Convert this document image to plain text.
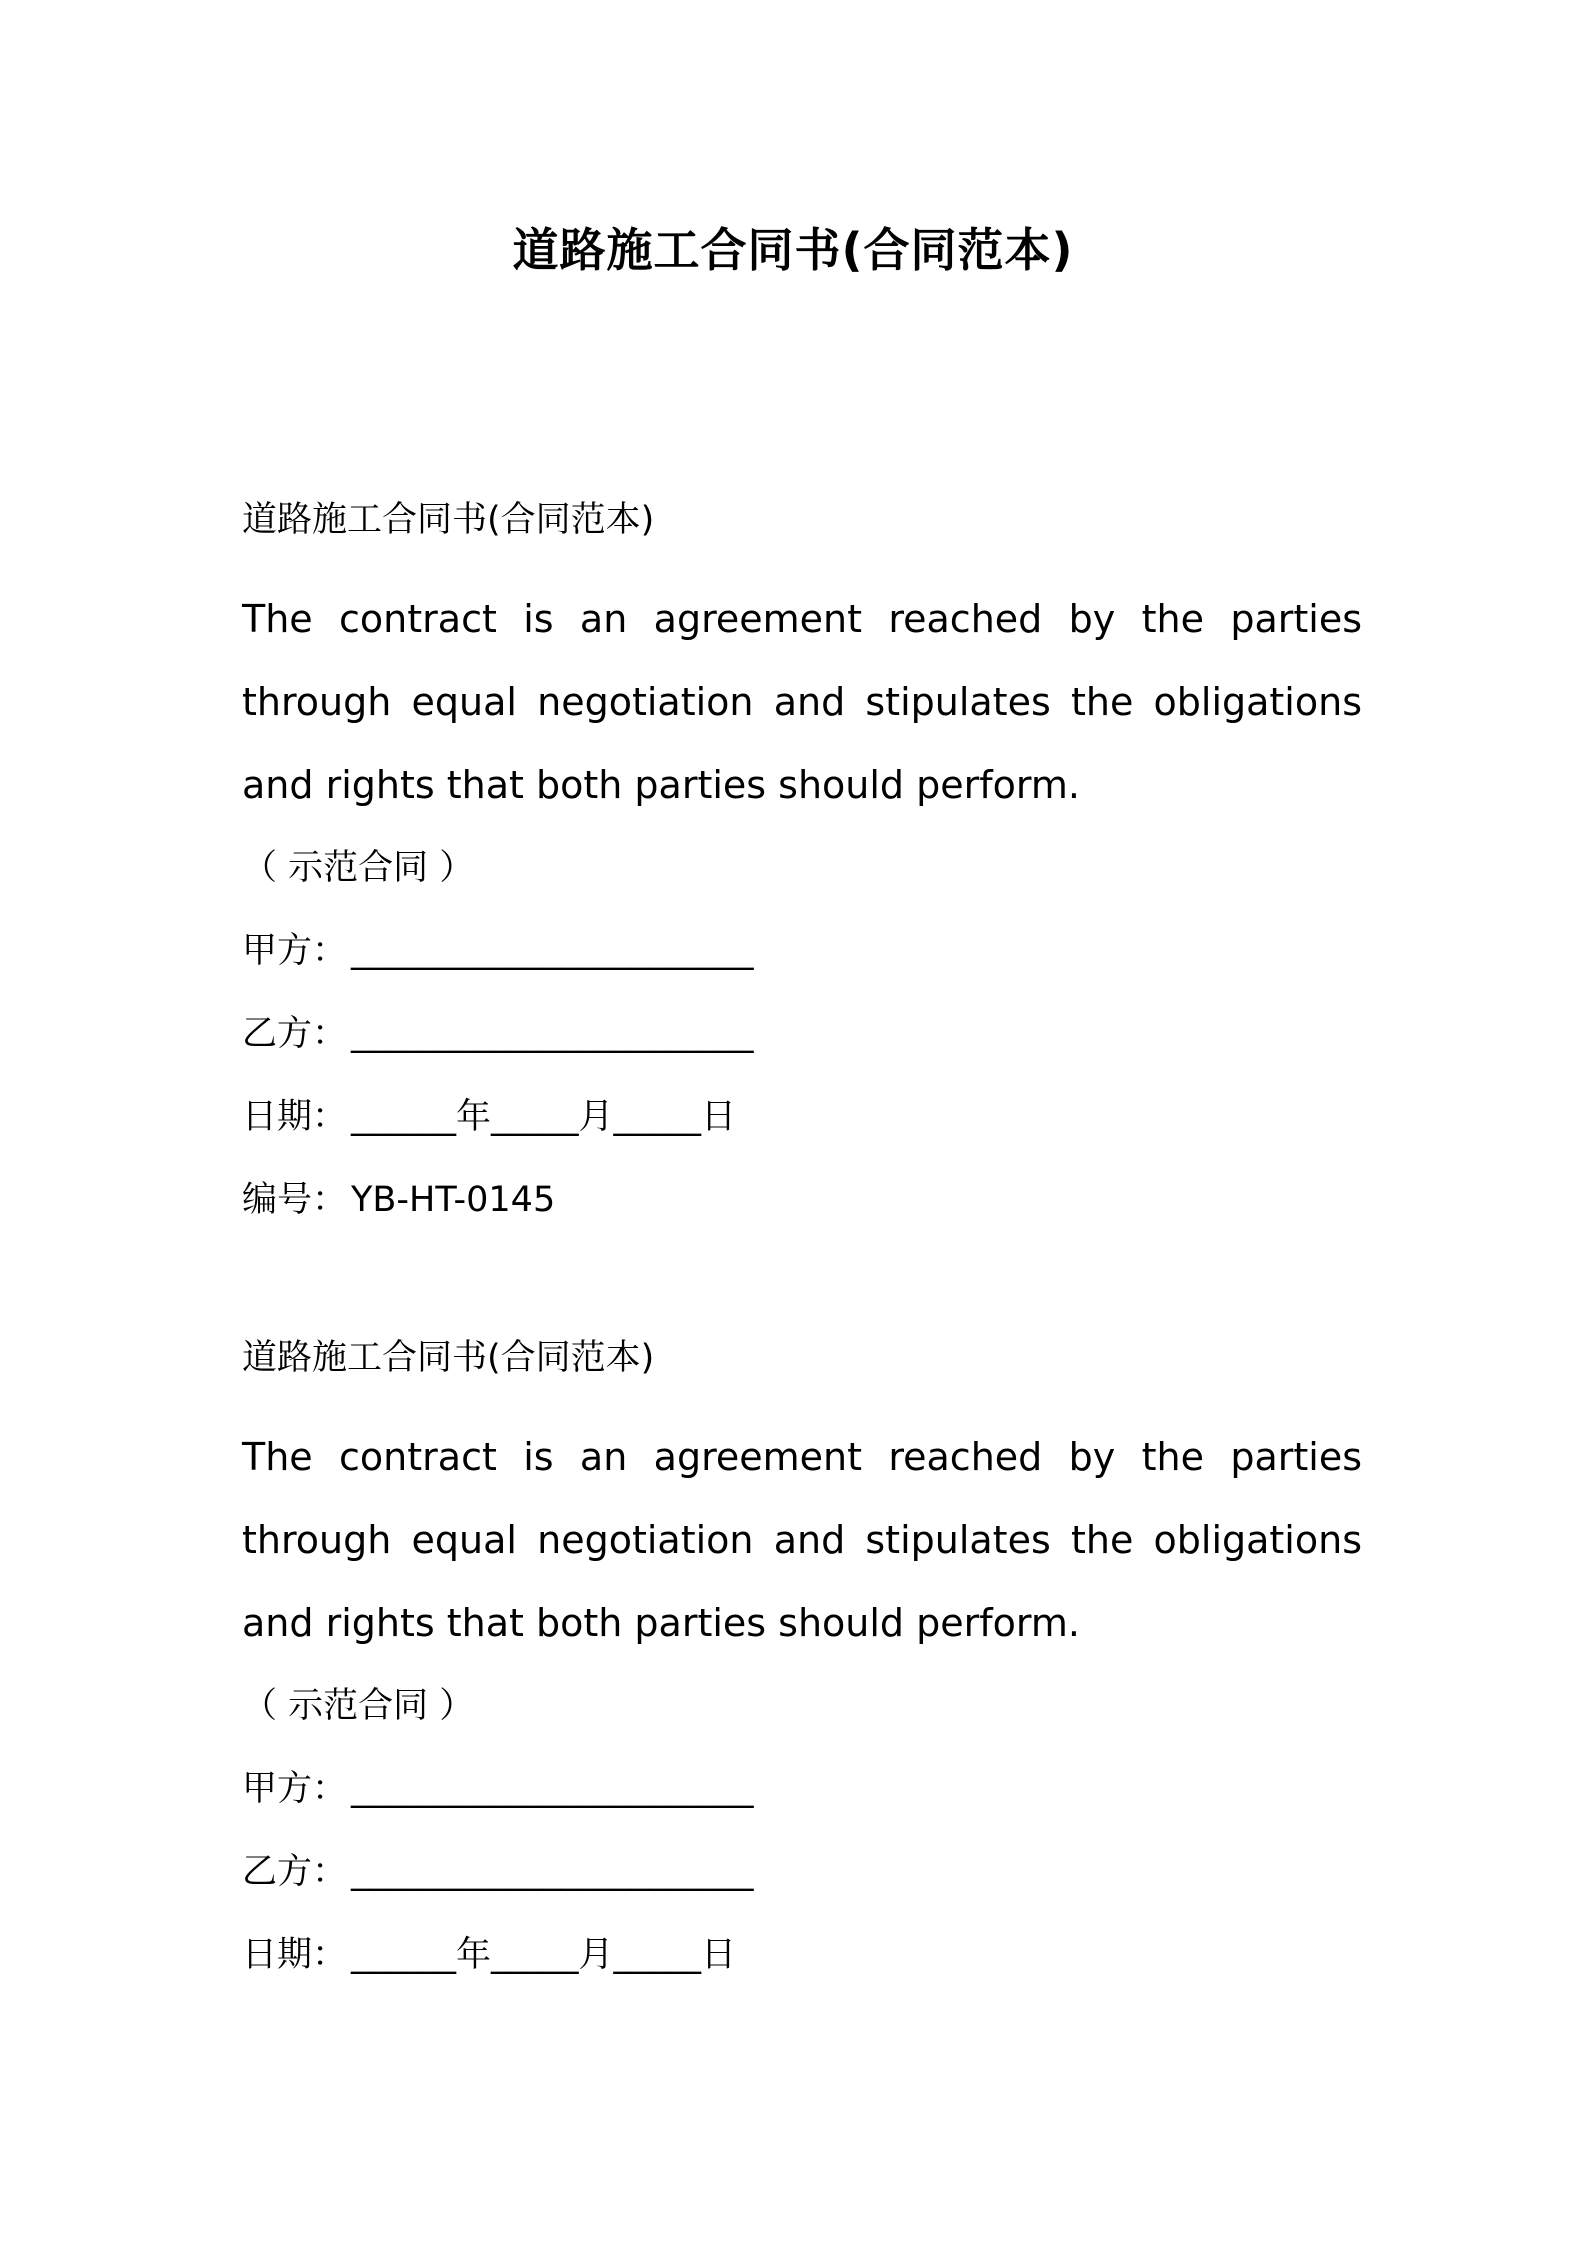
道路施工合同书(合同范本)
道路施工合同书(合同范本)
The contract is an agreement reached by the parties through equal negotiation and stipulates the obligations and rights that both parties should perform.
（ 示范合同 ）
甲方： _______________________
乙方： _______________________
日期： ______年_____月_____日
编号： YB-HT-0145
道路施工合同书(合同范本)
The contract is an agreement reached by the parties through equal negotiation and stipulates the obligations and rights that both parties should perform.
（ 示范合同 ）
甲方： _______________________
乙方： _______________________
日期： ______年_____月_____日
